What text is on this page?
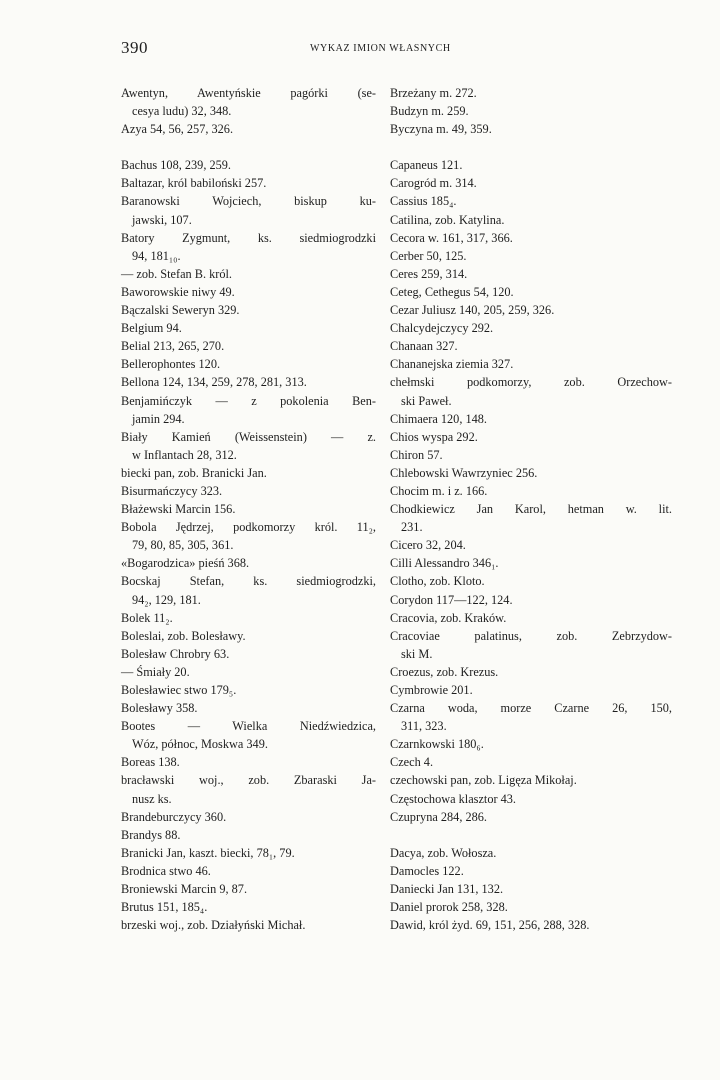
390	WYKAZ IMION WŁASNYCH
Awentyn, Awentyńskie pagórki (se-
cesya ludu) 32, 348.
Azya 54, 56, 257, 326.
Bachus 108, 239, 259.
Baltazar, król babiloński 257.
Baranowski Wojciech, biskup ku-
jawski, 107.
Batory Zygmunt, ks. siedmiogrodzki
94, 181₁₀.
— zob. Stefan B. król.
Baworowskie niwy 49.
Bączalski Seweryn 329.
Belgium 94.
Belial 213, 265, 270.
Bellerophontes 120.
Bellona 124, 134, 259, 278, 281, 313.
Benjamińczyk — z pokolenia Ben-
jamin 294.
Biały Kamień (Weissenstein) — z.
w Inflantach 28, 312.
biecki pan, zob. Branicki Jan.
Bisurmańczycy 323.
Błażewski Marcin 156.
Bobola Jędrzej, podkomorzy król. 11₂,
79, 80, 85, 305, 361.
«Bogarodzica» pieśń 368.
Bocskaj Stefan, ks. siedmiogrodzki,
94₂, 129, 181.
Bolek 11₂.
Boleslai, zob. Bolesławy.
Bolesław Chrobry 63.
— Śmiały 20.
Bolesławiec stwo 179₅.
Bolesławy 358.
Bootes — Wielka Niedźwiedzica,
Wóz, północ, Moskwa 349.
Boreas 138.
bracławski woj., zob. Zbaraski Ja-
nusz ks.
Brandeburczycy 360.
Brandys 88.
Branicki Jan, kaszt. biecki, 78₁, 79.
Brodnica stwo 46.
Broniewski Marcin 9, 87.
Brutus 151, 185₄.
brzeski woj., zob. Działyński Michał.
Brzeżany m. 272.
Budzyn m. 259.
Byczyna m. 49, 359.
Capaneus 121.
Carogród m. 314.
Cassius 185₄.
Catilina, zob. Katylina.
Cecora w. 161, 317, 366.
Cerber 50, 125.
Ceres 259, 314.
Ceteg, Cethegus 54, 120.
Cezar Juliusz 140, 205, 259, 326.
Chalcydejczycy 292.
Chanaan 327.
Chananejska ziemia 327.
chełmski podkomorzy, zob. Orzechow-
ski Paweł.
Chimaera 120, 148.
Chios wyspa 292.
Chiron 57.
Chlebowski Wawrzyniec 256.
Chocim m. i z. 166.
Chodkiewicz Jan Karol, hetman w. lit.
231.
Cicero 32, 204.
Cilli Alessandro 346₁.
Clotho, zob. Kloto.
Corydon 117—122, 124.
Cracovia, zob. Kraków.
Cracoviae palatinus, zob. Zebrzydow-
ski M.
Croezus, zob. Krezus.
Cymbrowie 201.
Czarna woda, morze Czarne 26, 150,
311, 323.
Czarnkowski 180₆.
Czech 4.
czechowski pan, zob. Ligęza Mikołaj.
Częstochowa klasztor 43.
Czupryna 284, 286.
Dacya, zob. Wołosza.
Damocles 122.
Daniecki Jan 131, 132.
Daniel prorok 258, 328.
Dawid, król żyd. 69, 151, 256, 288, 328.
